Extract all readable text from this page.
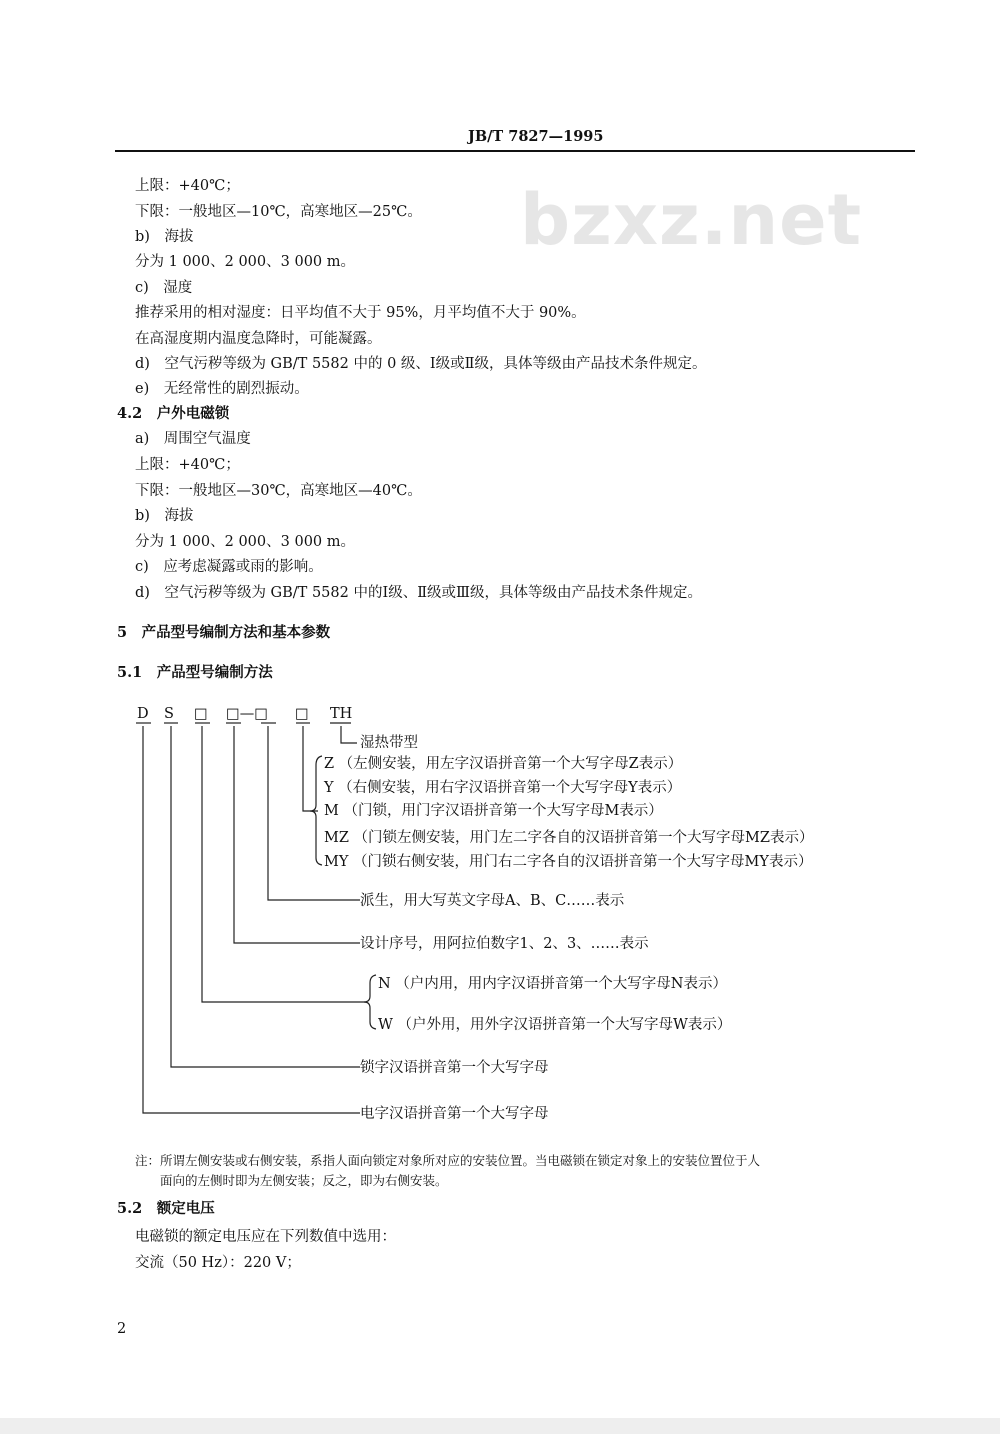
bzxz.net
JB/T 7827—1995
上限：+40℃；
下限：一般地区—10℃，高寒地区—25℃。
b)　海拔
分为 1 000、2 000、3 000 m。
c)　湿度
推荐采用的相对湿度：日平均值不大于 95%，月平均值不大于 90%。
在高湿度期内温度急降时，可能凝露。
d)　空气污秽等级为 GB/T 5582 中的 0 级、Ⅰ级或Ⅱ级，具体等级由产品技术条件规定。
e)　无经常性的剧烈振动。
4.2　户外电磁锁
a)　周围空气温度
上限：+40℃；
下限：一般地区—30℃，高寒地区—40℃。
b)　海拔
分为 1 000、2 000、3 000 m。
c)　应考虑凝露或雨的影响。
d)　空气污秽等级为 GB/T 5582 中的Ⅰ级、Ⅱ级或Ⅲ级，具体等级由产品技术条件规定。
5　产品型号编制方法和基本参数
5.1　产品型号编制方法
D S □ □—□ □ TH
湿热带型
Z （左侧安装，用左字汉语拼音第一个大写字母Z表示）
Y （右侧安装，用右字汉语拼音第一个大写字母Y表示）
M （门锁，用门字汉语拼音第一个大写字母M表示）
MZ （门锁左侧安装，用门左二字各自的汉语拼音第一个大写字母MZ表示）
MY （门锁右侧安装，用门右二字各自的汉语拼音第一个大写字母MY表示）
派生，用大写英文字母A、B、C……表示
设计序号，用阿拉伯数字1、2、3、……表示
N （户内用，用内字汉语拼音第一个大写字母N表示）
W （户外用，用外字汉语拼音第一个大写字母W表示）
锁字汉语拼音第一个大写字母
电字汉语拼音第一个大写字母
注：所谓左侧安装或右侧安装，系指人面向锁定对象所对应的安装位置。当电磁锁在锁定对象上的安装位置位于人
面向的左侧时即为左侧安装；反之，即为右侧安装。
5.2　额定电压
电磁锁的额定电压应在下列数值中选用：
交流（50 Hz）：220 V；
2
